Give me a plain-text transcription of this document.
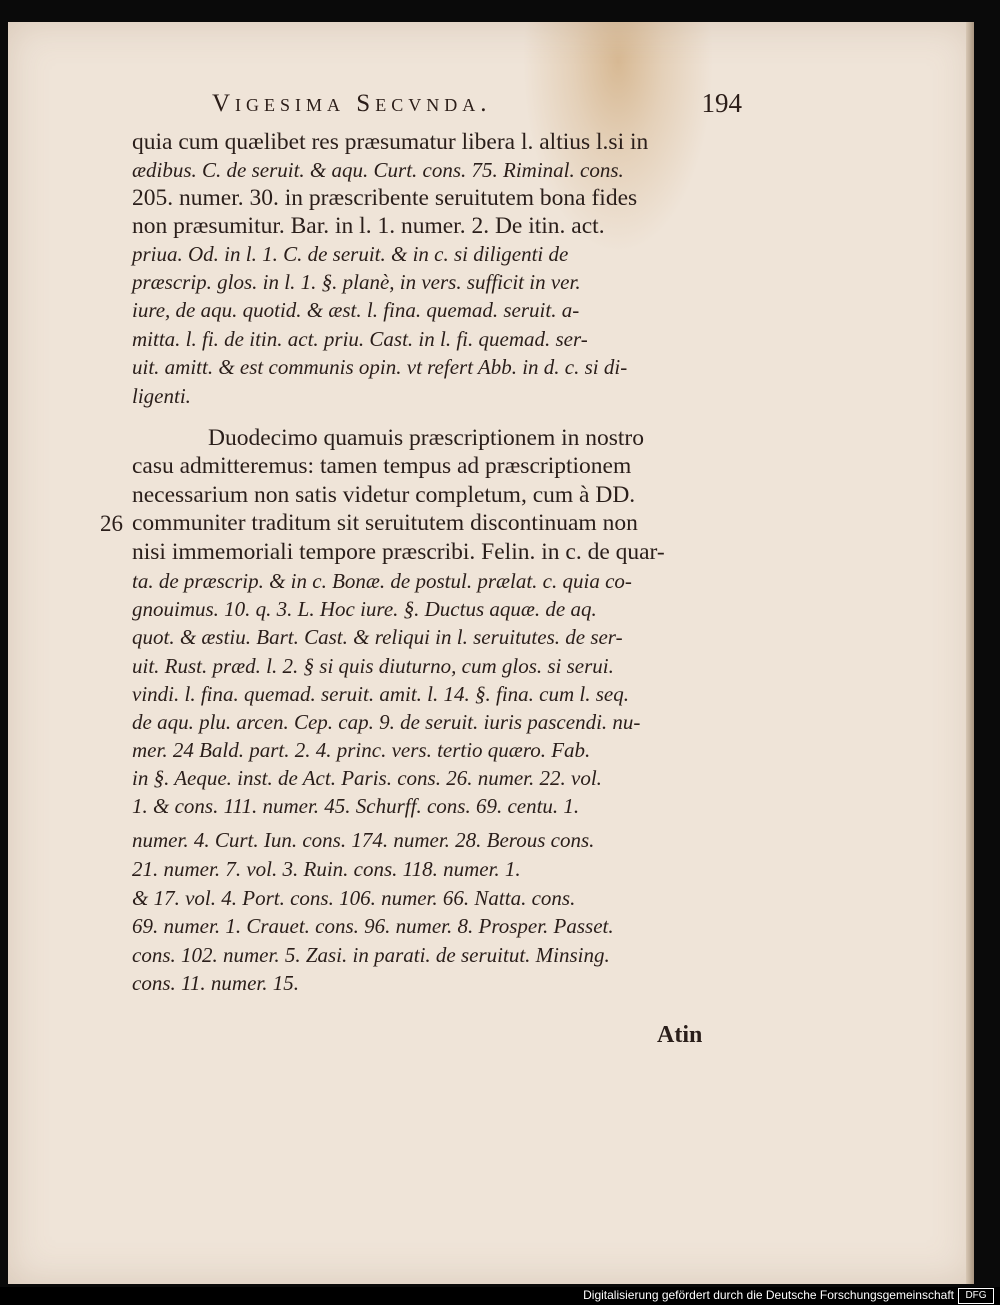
Vigesima Secvnda.	194
quia cum quælibet res præsumatur libera l. altius l.si in
ædibus. C. de seruit. & aqu. Curt. cons. 75. Riminal. cons.
205. numer. 30. in præscribente seruitutem bona fides
non præsumitur. Bar. in l. 1. numer. 2. De itin. act.
priua. Od. in l. 1. C. de seruit. & in c. si diligenti de
præscrip. glos. in l. 1. §. planè, in vers. sufficit in ver.
iure, de aqu. quotid. & æst. l. fina. quemad. seruit. a-
mitta. l. fi. de itin. act. priu. Cast. in l. fi. quemad. ser-
uit. amitt. & est communis opin. vt refert Abb. in d. c. si di-
ligenti.
Duodecimo quamuis præscriptionem in nostro
casu admitteremus: tamen tempus ad præscriptionem
necessarium non satis videtur completum, cum à DD.
communiter traditum sit seruitutem discontinuam non
nisi immemoriali tempore præscribi. Felin. in c. de quar-
ta. de præscrip. & in c. Bonæ. de postul. prælat. c. quia co-
gnouimus. 10. q. 3. L. Hoc iure. §. Ductus aquæ. de aq.
quot. & æstiu. Bart. Cast. & reliqui in l. seruitutes. de ser-
uit. Rust. præd. l. 2. § si quis diuturno, cum glos. si serui.
vindi. l. fina. quemad. seruit. amit. l. 14. §. fina. cum l. seq.
de aqu. plu. arcen. Cep. cap. 9. de seruit. iuris pascendi. nu-
mer. 24 Bald. part. 2. 4. princ. vers. tertio quæro. Fab.
in §. Aeque. inst. de Act. Paris. cons. 26. numer. 22. vol.
1. & cons. 111. numer. 45. Schurff. cons. 69. centu. 1.
numer. 4. Curt. Iun. cons. 174. numer. 28. Berous cons.
21. numer. 7. vol. 3. Ruin. cons. 118. numer. 1.
& 17. vol. 4. Port. cons. 106. numer. 66. Natta. cons.
69. numer. 1. Crauet. cons. 96. numer. 8. Prosper. Passet.
cons. 102. numer. 5. Zasi. in parati. de seruitut. Minsing.
cons. 11. numer. 15.
26
Atin
Digitalisierung gefördert durch die Deutsche Forschungsgemeinschaft	DFG
